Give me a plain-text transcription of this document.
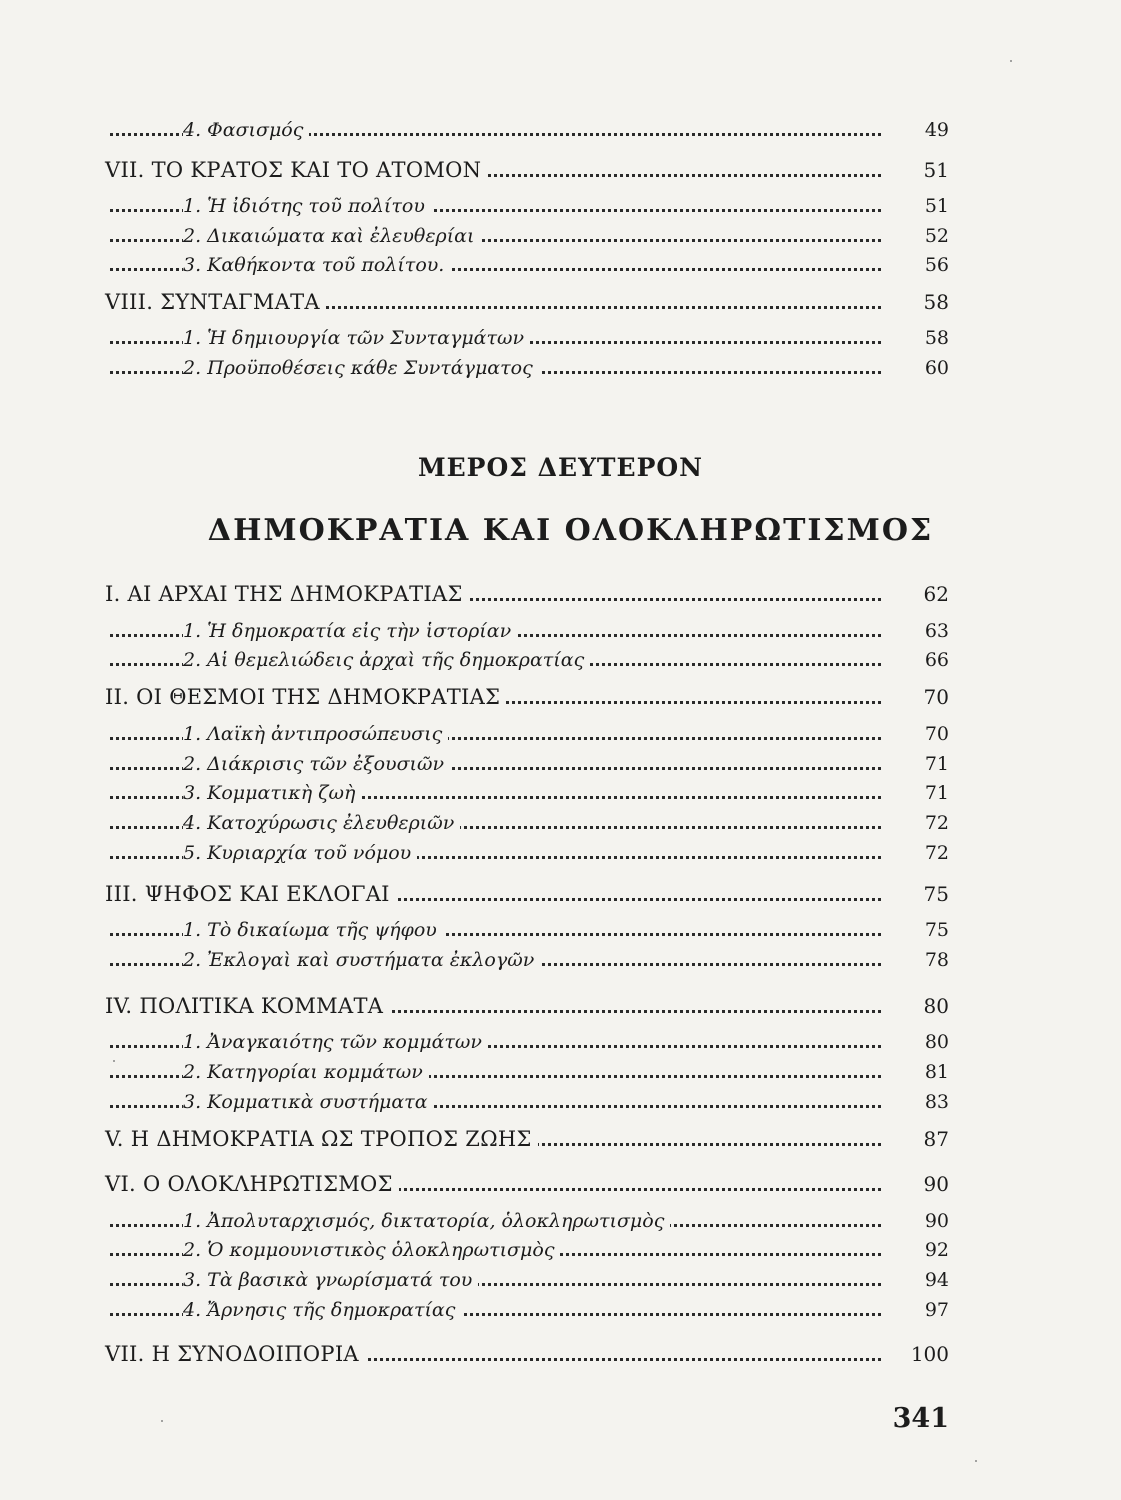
4. Φασισμός	49
VII. ΤΟ ΚΡΑΤΟΣ ΚΑΙ ΤΟ ΑΤΟΜΟΝ	51
1. Ἡ ἰδιότης τοῦ πολίτου	51
2. Δικαιώματα καὶ ἐλευθερίαι	52
3. Καθήκοντα τοῦ πολίτου.	56
VIII. ΣΥΝΤΑΓΜΑΤΑ	58
1. Ἡ δημιουργία τῶν Συνταγμάτων	58
2. Προϋποθέσεις κάθε Συντάγματος	60
ΜΕΡΟΣ ΔΕΥΤΕΡΟΝ
ΔΗΜΟΚΡΑΤΙΑ ΚΑΙ ΟΛΟΚΛΗΡΩΤΙΣΜΟΣ
I. ΑΙ ΑΡΧΑΙ ΤΗΣ ΔΗΜΟΚΡΑΤΙΑΣ	62
1. Ἡ δημοκρατία εἰς τὴν ἱστορίαν	63
2. Αἱ θεμελιώδεις ἀρχαὶ τῆς δημοκρατίας	66
II. ΟΙ ΘΕΣΜΟΙ ΤΗΣ ΔΗΜΟΚΡΑΤΙΑΣ	70
1. Λαϊκὴ ἀντιπροσώπευσις	70
2. Διάκρισις τῶν ἐξουσιῶν	71
3. Κομματικὴ ζωὴ	71
4. Κατοχύρωσις ἐλευθεριῶν	72
5. Κυριαρχία τοῦ νόμου	72
III. ΨΗΦΟΣ ΚΑΙ ΕΚΛΟΓΑΙ	75
1. Τὸ δικαίωμα τῆς ψήφου	75
2. Ἐκλογαὶ καὶ συστήματα ἐκλογῶν	78
IV. ΠΟΛΙΤΙΚΑ ΚΟΜΜΑΤΑ	80
1. Ἀναγκαιότης τῶν κομμάτων	80
2. Κατηγορίαι κομμάτων	81
3. Κομματικὰ συστήματα	83
V. Η ΔΗΜΟΚΡΑΤΙΑ ΩΣ ΤΡΟΠΟΣ ΖΩΗΣ	87
VI. Ο ΟΛΟΚΛΗΡΩΤΙΣΜΟΣ	90
1. Ἀπολυταρχισμός, δικτατορία, ὁλοκληρωτισμὸς	90
2. Ὁ κομμουνιστικὸς ὁλοκληρωτισμὸς	92
3. Τὰ βασικὰ γνωρίσματά του	94
4. Ἄρνησις τῆς δημοκρατίας	97
VII. Η ΣΥΝΟΔΟΙΠΟΡΙΑ	100
341
